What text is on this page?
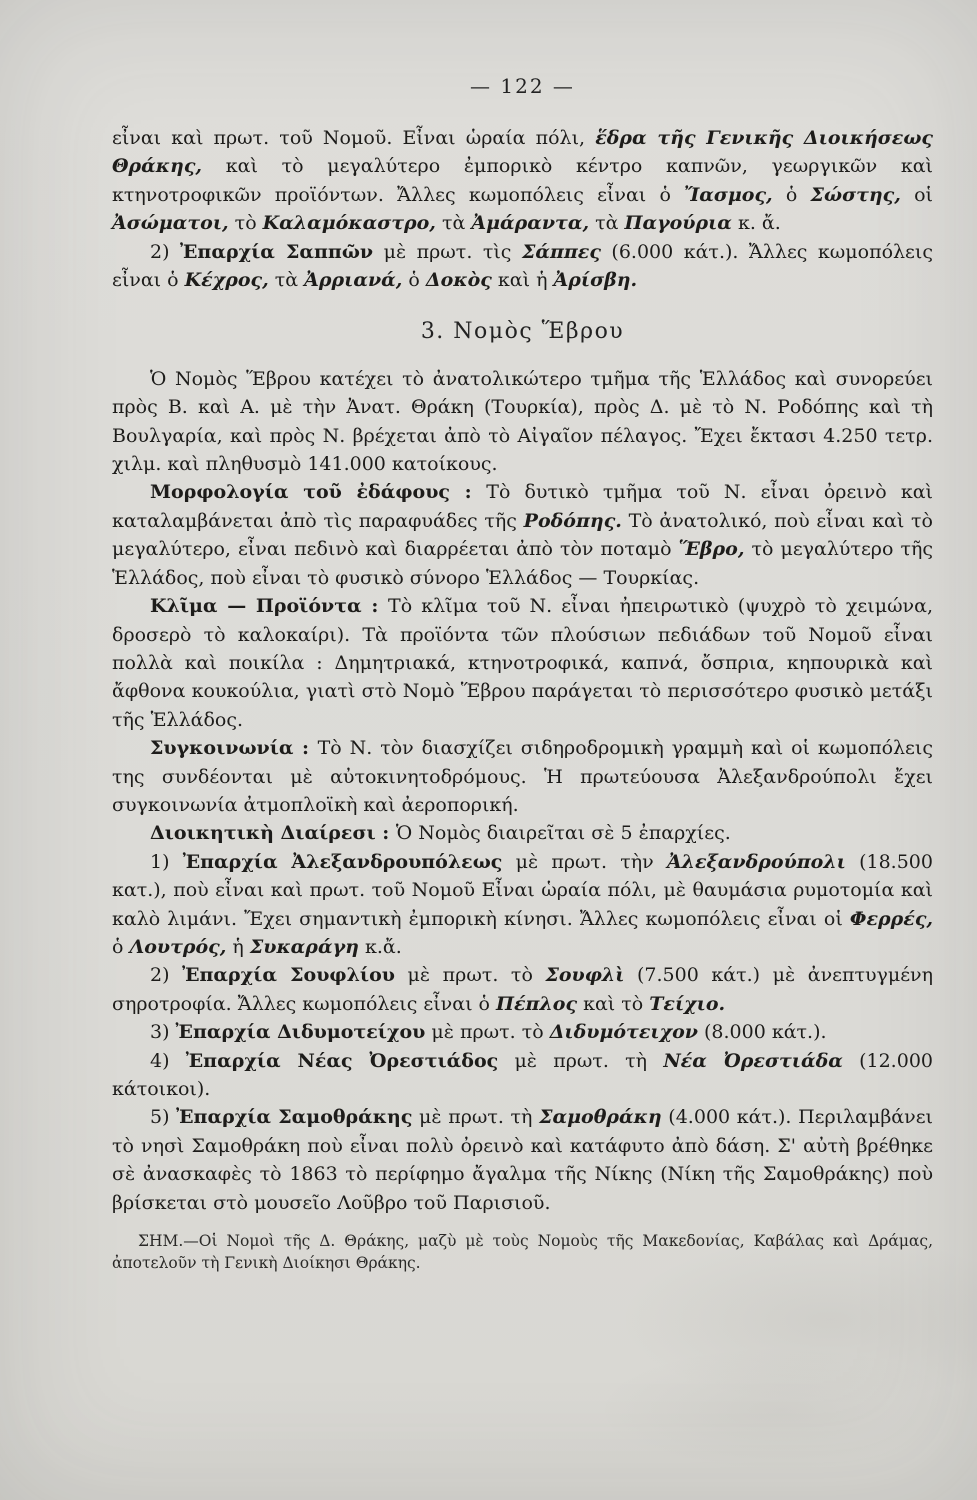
— 122 —

εἶναι καὶ πρωτ. τοῦ Νομοῦ. Εἶναι ὡραία πόλι, ἕδρα τῆς Γενικῆς Διοικήσεως Θράκης, καὶ τὸ μεγαλύτερο ἐμπορικὸ κέντρο καπνῶν, γεωργικῶν καὶ κτηνοτροφικῶν προϊόντων. Ἄλλες κωμοπόλεις εἶναι ὁ Ἴασμος, ὁ Σώστης, οἱ Ἀσώματοι, τὸ Καλαμόκαστρο, τὰ Ἀμάραντα, τὰ Παγούρια κ. ἄ.

2) Ἐπαρχία Σαππῶν μὲ πρωτ. τὶς Σάππες (6.000 κάτ.). Ἄλλες κωμοπόλεις εἶναι ὁ Κέχρος, τὰ Ἀρριανά, ὁ Δοκὸς καὶ ἡ Ἀρίσβη.

3. Νομὸς Ἕβρου

Ὁ Νομὸς Ἕβρου κατέχει τὸ ἀνατολικώτερο τμῆμα τῆς Ἑλλάδος καὶ συνορεύει πρὸς Β. καὶ Α. μὲ τὴν Ἀνατ. Θράκη (Τουρκία), πρὸς Δ. μὲ τὸ Ν. Ροδόπης καὶ τὴ Βουλγαρία, καὶ πρὸς Ν. βρέχεται ἀπὸ τὸ Αἰγαῖον πέλαγος. Ἔχει ἔκτασι 4.250 τετρ. χιλμ. καὶ πληθυσμὸ 141.000 κατοίκους.

Μορφολογία τοῦ ἐδάφους : Τὸ δυτικὸ τμῆμα τοῦ Ν. εἶναι ὀρεινὸ καὶ καταλαμβάνεται ἀπὸ τὶς παραφυάδες τῆς Ροδόπης. Τὸ ἀνατολικό, ποὺ εἶναι καὶ τὸ μεγαλύτερο, εἶναι πεδινὸ καὶ διαρρέεται ἀπὸ τὸν ποταμὸ Ἕβρο, τὸ μεγαλύτερο τῆς Ἑλλάδος, ποὺ εἶναι τὸ φυσικὸ σύνορο Ἑλλάδος — Τουρκίας.

Κλῖμα — Προϊόντα : Τὸ κλῖμα τοῦ Ν. εἶναι ἠπειρωτικὸ (ψυχρὸ τὸ χειμώνα, δροσερὸ τὸ καλοκαίρι). Τὰ προϊόντα τῶν πλούσιων πεδιάδων τοῦ Νομοῦ εἶναι πολλὰ καὶ ποικίλα : Δημητριακά, κτηνοτροφικά, καπνά, ὄσπρια, κηπουρικὰ καὶ ἄφθονα κουκούλια, γιατὶ στὸ Νομὸ Ἕβρου παράγεται τὸ περισσότερο φυσικὸ μετάξι τῆς Ἑλλάδος.

Συγκοινωνία : Τὸ Ν. τὸν διασχίζει σιδηροδρομικὴ γραμμὴ καὶ οἱ κωμοπόλεις της συνδέονται μὲ αὐτοκινητοδρόμους. Ἡ πρωτεύουσα Ἀλεξανδρούπολι ἔχει συγκοινωνία ἀτμοπλοϊκὴ καὶ ἀεροπορική.

Διοικητικὴ Διαίρεσι : Ὁ Νομὸς διαιρεῖται σὲ 5 ἐπαρχίες.

1) Ἐπαρχία Ἀλεξανδρουπόλεως μὲ πρωτ. τὴν Ἀλεξανδρούπολι (18.500 κατ.), ποὺ εἶναι καὶ πρωτ. τοῦ Νομοῦ Εἶναι ὡραία πόλι, μὲ θαυμάσια ρυμοτομία καὶ καλὸ λιμάνι. Ἔχει σημαντικὴ ἐμπορικὴ κίνησι. Ἄλλες κωμοπόλεις εἶναι οἱ Φερρές, ὁ Λουτρός, ἡ Συκαράγη κ.ἄ.

2) Ἐπαρχία Σουφλίου μὲ πρωτ. τὸ Σουφλὶ (7.500 κάτ.) μὲ ἀνεπτυγμένη σηροτροφία. Ἄλλες κωμοπόλεις εἶναι ὁ Πέπλος καὶ τὸ Τείχιο.

3) Ἐπαρχία Διδυμοτείχου μὲ πρωτ. τὸ Διδυμότειχον (8.000 κάτ.).

4) Ἐπαρχία Νέας Ὀρεστιάδος μὲ πρωτ. τὴ Νέα Ὀρεστιάδα (12.000 κάτοικοι).

5) Ἐπαρχία Σαμοθράκης μὲ πρωτ. τὴ Σαμοθράκη (4.000 κάτ.). Περιλαμβάνει τὸ νησὶ Σαμοθράκη ποὺ εἶναι πολὺ ὀρεινὸ καὶ κατάφυτο ἀπὸ δάση. Σ' αὐτὴ βρέθηκε σὲ ἀνασκαφὲς τὸ 1863 τὸ περίφημο ἄγαλμα τῆς Νίκης (Νίκη τῆς Σαμοθράκης) ποὺ βρίσκεται στὸ μουσεῖο Λοῦβρο τοῦ Παρισιοῦ.

ΣΗΜ.—Οἱ Νομοὶ τῆς Δ. Θράκης, μαζὺ μὲ τοὺς Νομοὺς τῆς Μακεδονίας, Καβάλας καὶ Δράμας, ἀποτελοῦν τὴ Γενικὴ Διοίκησι Θράκης.
